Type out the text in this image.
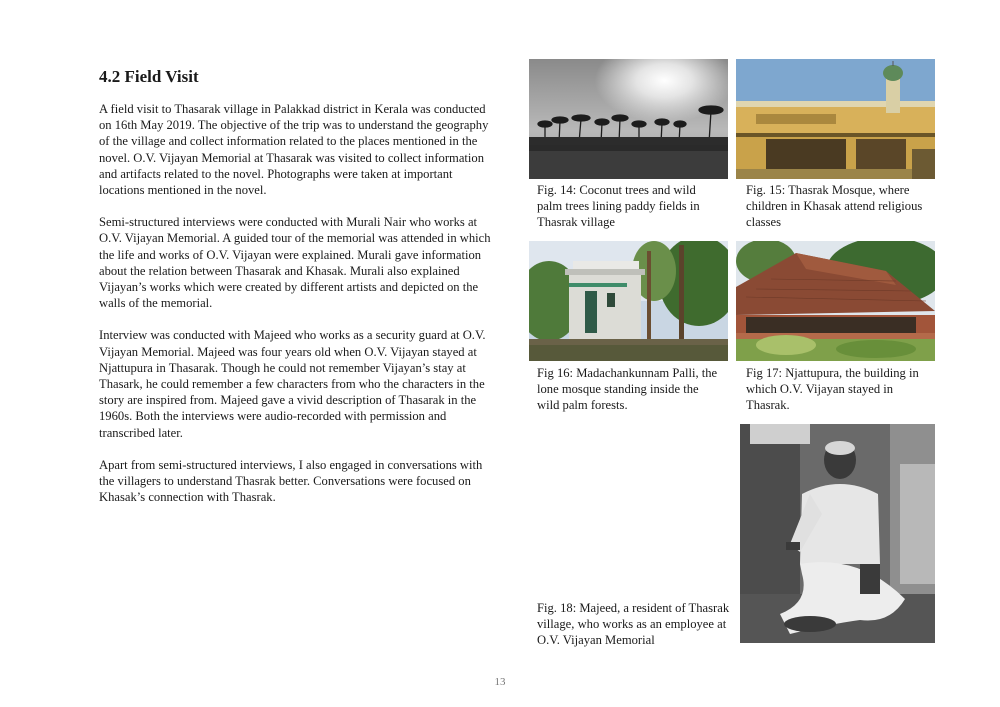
4.2 Field Visit

A field visit to Thasarak village in Palakkad district in Kerala was conducted on 16th May 2019. The objective of the trip was to understand the geography of the village and collect information related to the places mentioned in the novel. O.V. Vijayan Memorial at Thasarak was visited to collect information and artifacts related to the novel. Photographs were taken at important locations mentioned in the novel.

Semi-structured interviews were conducted with Murali Nair who works at O.V. Vijayan Memorial. A guided tour of the memorial was attended in which the life and works of O.V. Vijayan were explained. Murali gave information about the relation between Thasarak and Khasak. Murali also explained Vijayan’s works which were created by different artists and depicted on the walls of the memorial.

Interview was conducted with Majeed who works as a security guard at O.V. Vijayan Memorial. Majeed was four years old when O.V. Vijayan stayed at Njattupura in Thasarak. Though he could not remember Vijayan’s stay at Thasark, he could remember a few characters from who the characters in the story are inspired from. Majeed gave a vivid description of Thasarak in the 1960s. Both the interviews were audio-recorded with permission and transcribed later.

Apart from semi-structured interviews, I also engaged in conversations with the villagers to understand Thasrak better. Conversations were focused on Khasak’s connection with Thasrak.

Fig. 14: Coconut trees and wild palm trees lining paddy fields in Thasrak village

Fig. 15: Thasrak Mosque, where children in Khasak attend religious classes

Fig 16: Madachankunnam Palli, the lone mosque standing inside the wild palm forests.

Fig 17: Njattupura, the building in which O.V. Vijayan stayed in Thasrak.

Fig. 18: Majeed, a resident of Thasrak village, who works as an employee at O.V. Vijayan Memorial

13
